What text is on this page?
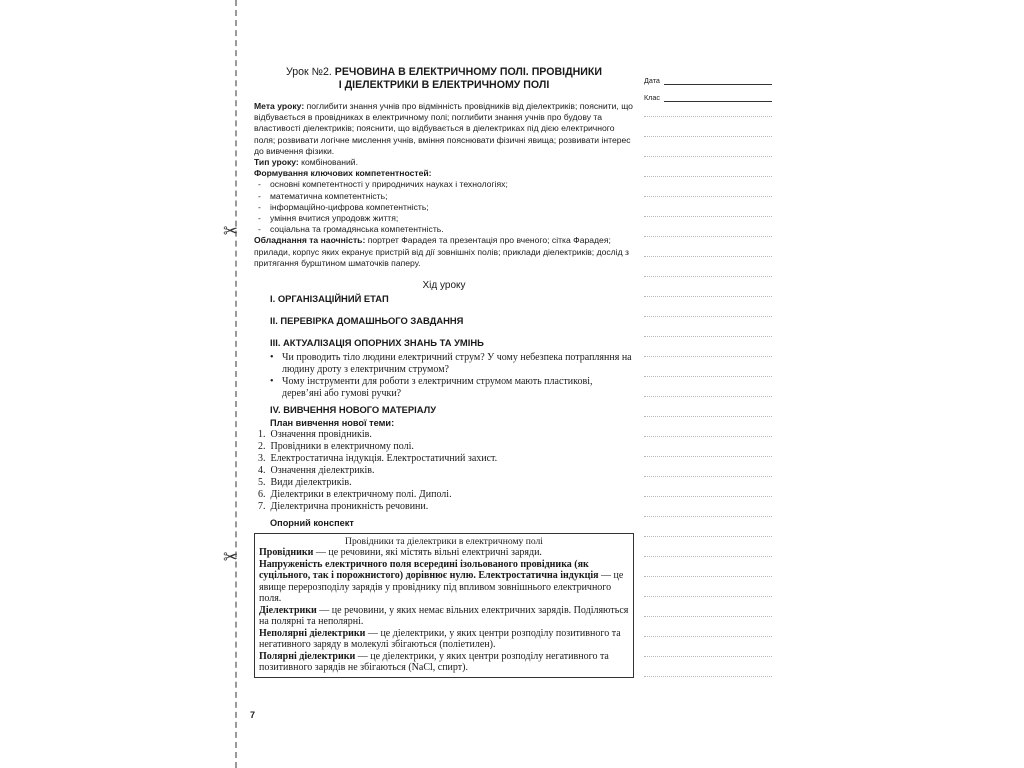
✂
✂
Урок №2. РЕЧОВИНА В ЕЛЕКТРИЧНОМУ ПОЛІ. ПРОВІДНИКИ
І ДІЕЛЕКТРИКИ В ЕЛЕКТРИЧНОМУ ПОЛІ

Мета уроку: поглибити знання учнів про відмінність провідників від діелектриків; пояснити, що відбувається в провідниках в електричному полі; поглибити знання учнів про будову та властивості діелектриків; пояснити, що відбувається в діелектриках під дією електричного поля; розвивати логічне мислення учнів, вміння пояснювати фізичні явища; розвивати інтерес до вивчення фізики.

Тип уроку: комбінований.

Формування ключових компетентностей:

- основні компетентності у природничих науках і технологіях;
- математична компетентність;
- інформаційно-цифрова компетентність;
- уміння вчитися упродовж життя;
- соціальна та громадянська компетентність.

Обладнання та наочність: портрет Фарадея та презентація про вченого; сітка Фарадея; прилади, корпус яких екранує пристрій від дії зовнішніх полів; приклади діелектриків; дослід з притягання бурштином шматочків паперу.

Хід уроку
І. ОРГАНІЗАЦІЙНИЙ ЕТАП
ІІ. ПЕРЕВІРКА ДОМАШНЬОГО ЗАВДАННЯ
ІІІ. АКТУАЛІЗАЦІЯ ОПОРНИХ ЗНАНЬ ТА УМІНЬ
• Чи проводить тіло людини електричний струм? У чому небезпека потрапляння на людину дроту з електричним струмом?
• Чому інструменти для роботи з електричним струмом мають пластикові, дерев’яні або гумові ручки?
IV. ВИВЧЕННЯ НОВОГО МАТЕРІАЛУ
План вивчення нової теми:
1. Означення провідників.
2. Провідники в електричному полі.
3. Електростатична індукція. Електростатичний захист.
4. Означення діелектриків.
5. Види діелектриків.
6. Діелектрики в електричному полі. Диполі.
7. Діелектрична проникність речовини.
Опорний конспект
Провідники та діелектрики в електричному полі

Провідники — це речовини, які містять вільні електричні заряди.

Напруженість електричного поля всередині ізольованого провідника (як суцільного, так і порожнистого) дорівнює нулю. Електростатична індукція — це явище перерозподілу зарядів у провіднику під впливом зовнішнього електричного поля.

Діелектрики — це речовини, у яких немає вільних електричних зарядів. Поділяються на полярні та неполярні.

Неполярні діелектрики — це діелектрики, у яких центри розподілу позитивного та негативного заряду в молекулі збігаються (поліетилен).

Полярні діелектрики — це діелектрики, у яких центри розподілу негативного та позитивного зарядів не збігаються (NaCl, спирт).

Дата
Клас
7
